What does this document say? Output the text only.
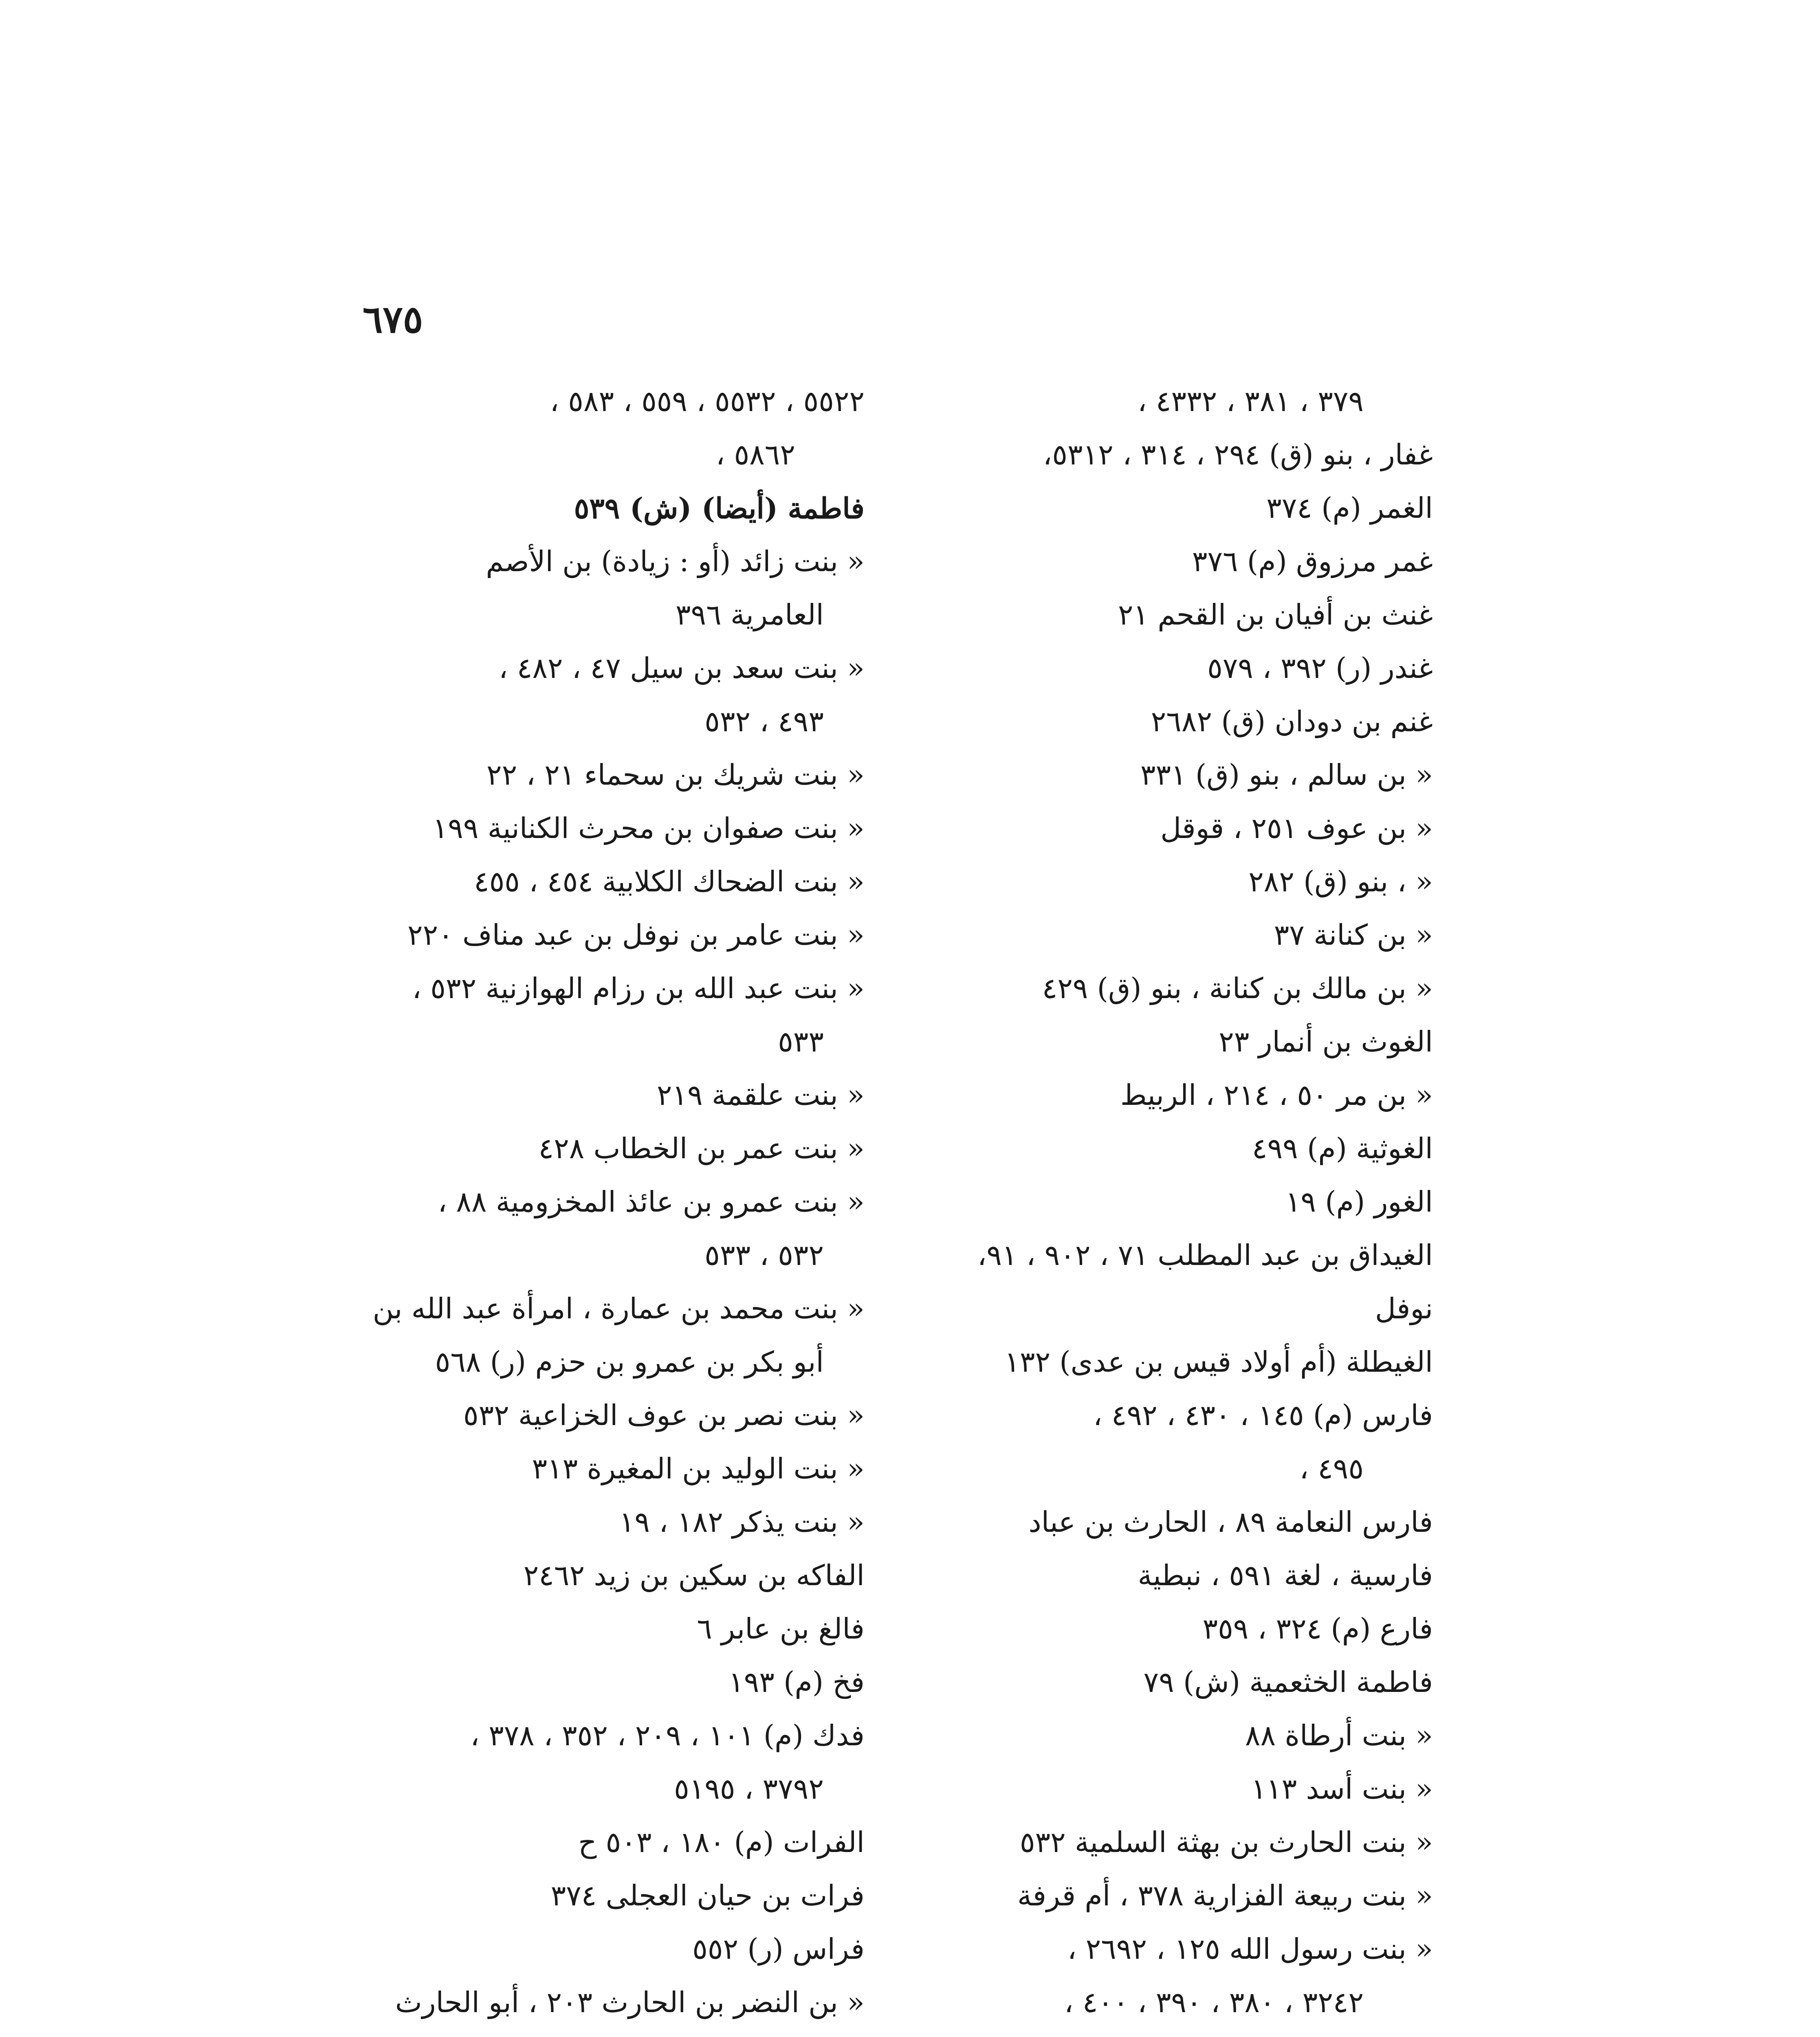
٦٧٥
٣٧٩ ، ٣٨١ ، ٤٣٣٢ ،
غفار ، بنو (ق) ٢٩٤ ، ٣١٤ ، ٥٣١٢،
الغمر (م) ٣٧٤
غمر مرزوق (م) ٣٧٦
غنث بن أفيان بن القحم ٢١
غندر (ر) ٣٩٢ ، ٥٧٩
غنم بن دودان (ق) ٢٦٨٢
« بن سالم ، بنو (ق) ٣٣١
« بن عوف ٢٥١ ، قوقل
« ، بنو (ق) ٢٨٢
« بن كنانة ٣٧
« بن مالك بن كنانة ، بنو (ق) ٤٢٩
الغوث بن أنمار ٢٣
« بن مر ٥٠ ، ٢١٤ ، الربيط
الغوثية (م) ٤٩٩
الغور (م) ١٩
الغيداق بن عبد المطلب ٧١ ، ٩٠٢ ، ٩١،
نوفل
الغيطلة (أم أولاد قيس بن عدى) ١٣٢
فارس (م) ١٤٥ ، ٤٣٠ ، ٤٩٢ ،
٤٩٥ ،
فارس النعامة ٨٩ ، الحارث بن عباد
فارسية ، لغة ٥٩١ ، نبطية
فارع (م) ٣٢٤ ، ٣٥٩
فاطمة الخثعمية (ش) ٧٩
« بنت أرطاة ٨٨
« بنت أسد ١١٣
« بنت الحارث بن بهثة السلمية ٥٣٢
« بنت ربيعة الفزارية ٣٧٨ ، أم قرفة
« بنت رسول الله ١٢٥ ، ٢٦٩٢ ،
٣٢٤٢ ، ٣٨٠ ، ٣٩٠ ، ٤٠٠ ،
٥٥٢٢ ، ٥٥٣٢ ، ٥٥٩ ، ٥٨٣ ،
٥٨٦٢ ،
فاطمة (أيضا) (ش) ٥٣٩
« بنت زائد (أو : زيادة) بن الأصم
العامرية ٣٩٦
« بنت سعد بن سيل ٤٧ ، ٤٨٢ ،
٤٩٣ ، ٥٣٢
« بنت شريك بن سحماء ٢١ ، ٢٢
« بنت صفوان بن محرث الكنانية ١٩٩
« بنت الضحاك الكلابية ٤٥٤ ، ٤٥٥
« بنت عامر بن نوفل بن عبد مناف ٢٢٠
« بنت عبد الله بن رزام الهوازنية ٥٣٢ ،
٥٣٣
« بنت علقمة ٢١٩
« بنت عمر بن الخطاب ٤٢٨
« بنت عمرو بن عائذ المخزومية ٨٨ ،
٥٣٢ ، ٥٣٣
« بنت محمد بن عمارة ، امرأة عبد الله بن
أبو بكر بن عمرو بن حزم (ر) ٥٦٨
« بنت نصر بن عوف الخزاعية ٥٣٢
« بنت الوليد بن المغيرة ٣١٣
« بنت يذكر ١٨٢ ، ١٩
الفاكه بن سكين بن زيد ٢٤٦٢
فالغ بن عابر ٦
فخ (م) ١٩٣
فدك (م) ١٠١ ، ٢٠٩ ، ٣٥٢ ، ٣٧٨ ،
٣٧٩٢ ، ٥١٩٥
الفرات (م) ١٨٠ ، ٥٠٣ ح
فرات بن حيان العجلى ٣٧٤
فراس (ر) ٥٥٢
« بن النضر بن الحارث ٢٠٣ ، أبو الحارث
